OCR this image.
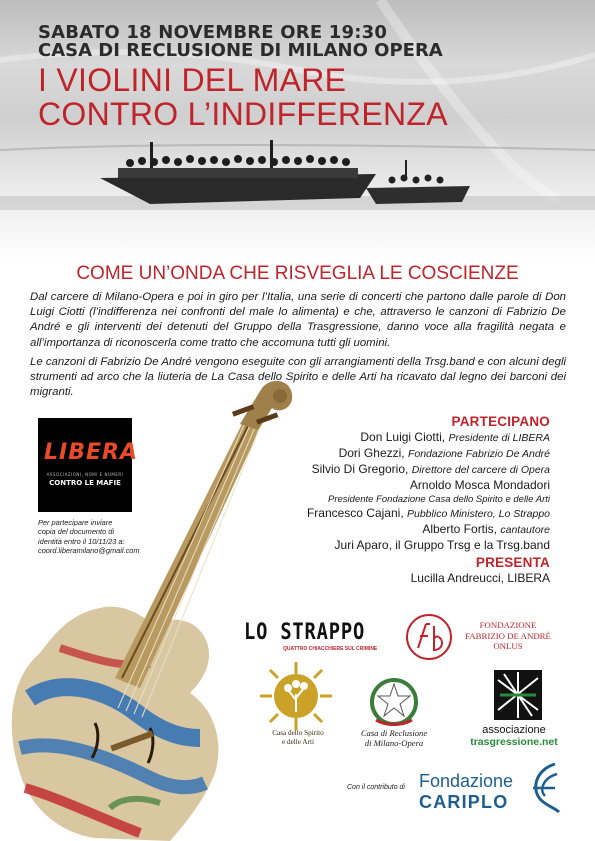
SABATO 18 NOVEMBRE ORE 19:30
CASA DI RECLUSIONE DI MILANO OPERA
I VIOLINI DEL MARE
CONTRO L’INDIFFERENZA
COME UN’ONDA CHE RISVEGLIA LE COSCIENZE

Dal carcere di Milano-Opera e poi in giro per l’Italia, una serie di concerti che partono dalle parole di Don Luigi Ciotti (l’indifferenza nei confronti del male lo alimenta) e che, attraverso le canzoni di Fabrizio De André e gli interventi dei detenuti del Gruppo della Trasgressione, danno voce alla fragilità negata e all’importanza di riconoscerla come tratto che accomuna tutti gli uomini.

Le canzoni di Fabrizio De André vengono eseguite con gli arrangiamenti della Trsg.band e con alcuni degli strumenti ad arco che la liuteria de La Casa dello Spirito e delle Arti ha ricavato dal legno dei barconi dei migranti.

LIBERA
ASSOCIAZIONI, NOMI E NUMERI
CONTRO LE MAFIE
Per partecipare inviare
copia del documento di
identità entro il 10/11/23 a:
coord.liberamilano@gmail.com
PARTECIPANO
Don Luigi Ciotti, Presidente di LIBERA
Dori Ghezzi, Fondazione Fabrizio De André
Silvio Di Gregorio, Direttore del carcere di Opera
Arnoldo Mosca Mondadori
Presidente Fondazione Casa dello Spirito e delle Arti
Francesco Cajani, Pubblico Ministero, Lo Strappo
Alberto Fortis, cantautore
Juri Aparo, il Gruppo Trsg e la Trsg.band
PRESENTA
Lucilla Andreucci, LIBERA
LO STRAPPO
QUATTRO CHIACCHIERE SUL CRIMINE
FONDAZIONE
FABRIZIO DE ANDRÉ
ONLUS
Casa dello Spirito
e delle Arti
Casa di Reclusione
di Milano-Opera
associazione
trasgressione.net
Con il contributo di Fondazione
CARIPLO
